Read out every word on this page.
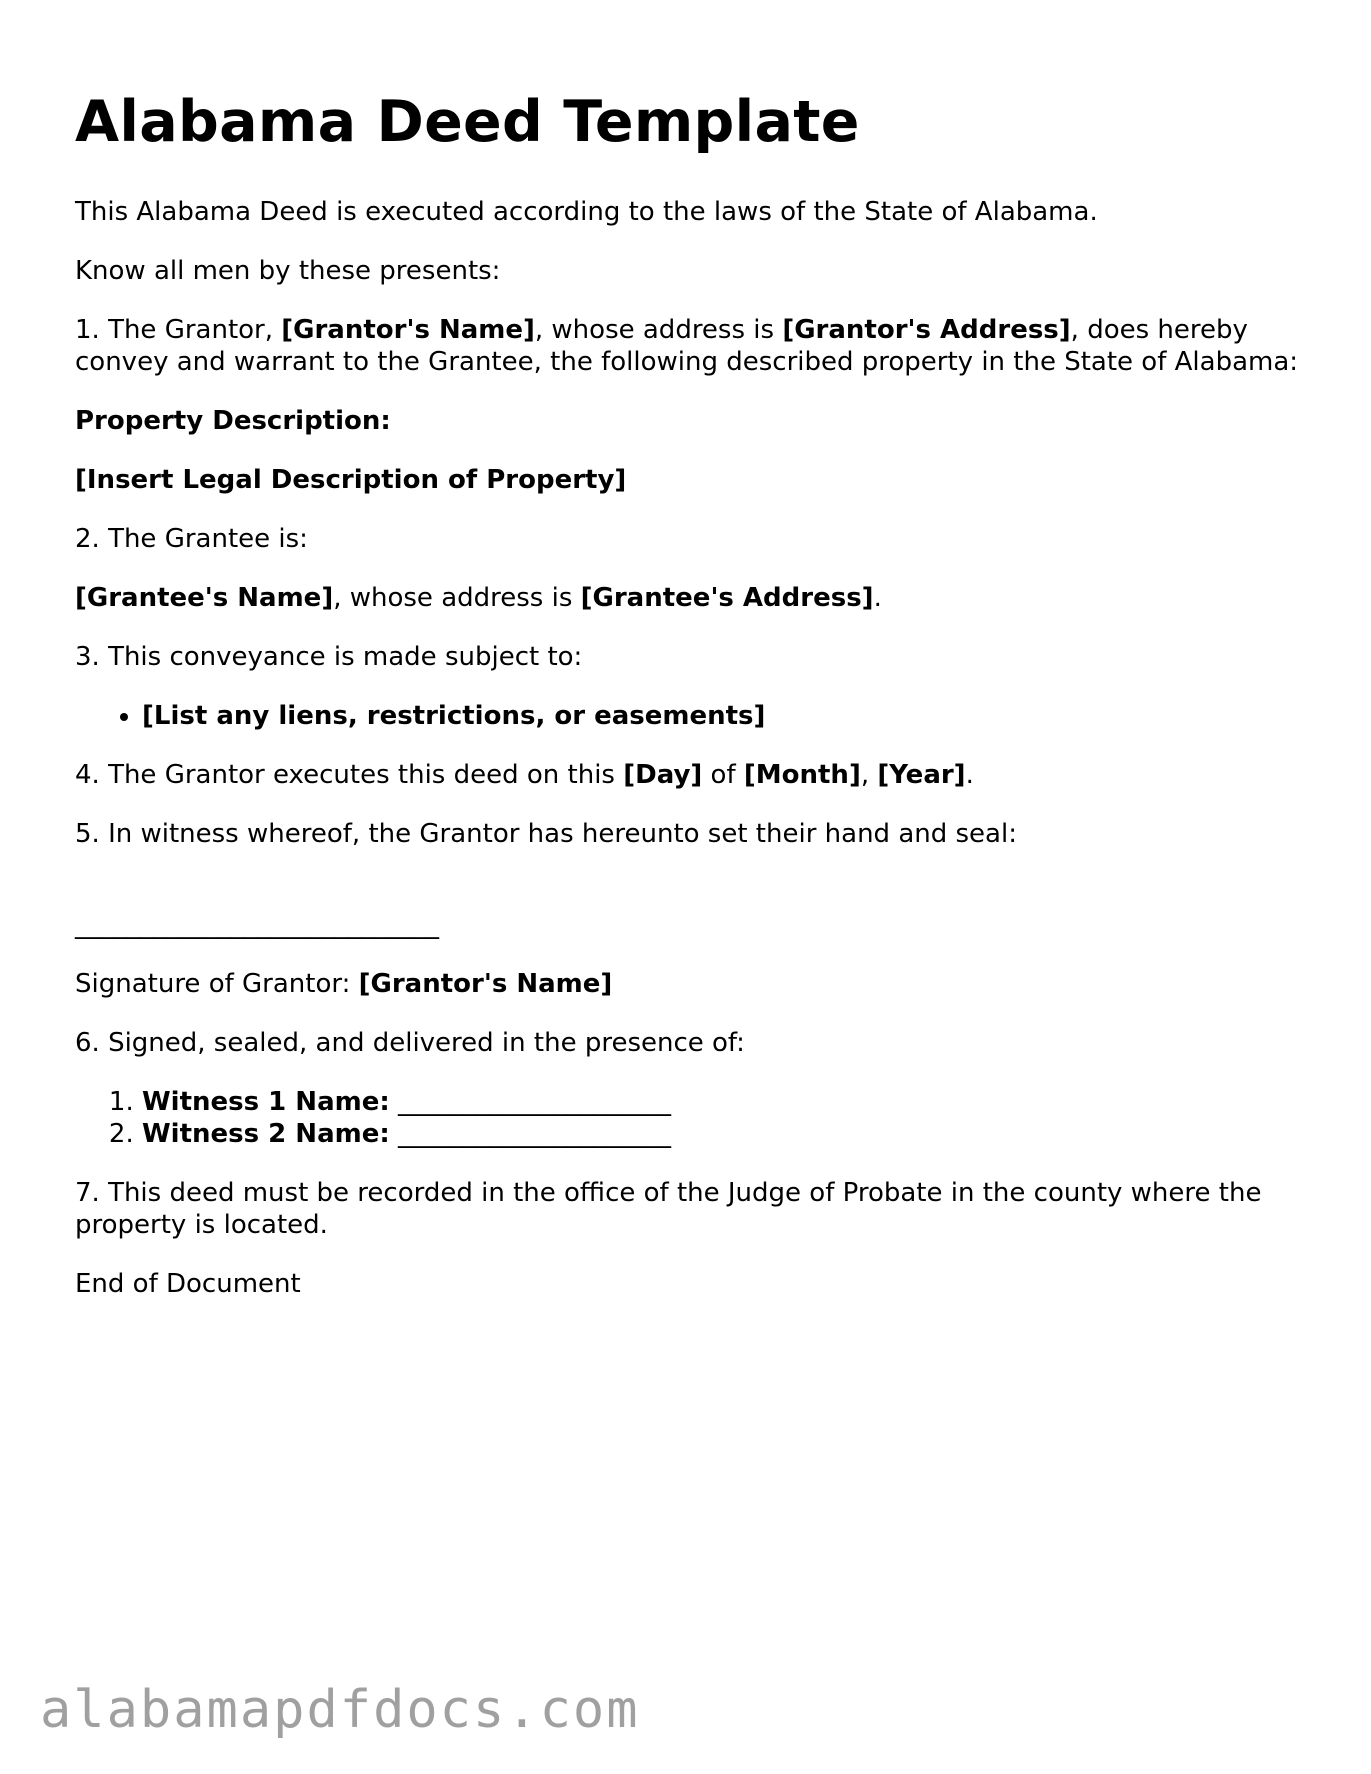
Alabama Deed Template

This Alabama Deed is executed according to the laws of the State of Alabama.

Know all men by these presents:

1. The Grantor, [Grantor's Name], whose address is [Grantor's Address], does hereby convey and warrant to the Grantee, the following described property in the State of Alabama:

Property Description:

[Insert Legal Description of Property]

2. The Grantee is:

[Grantee's Name], whose address is [Grantee's Address].

3. This conveyance is made subject to:

• [List any liens, restrictions, or easements]

4. The Grantor executes this deed on this [Day] of [Month], [Year].

5. In witness whereof, the Grantor has hereunto set their hand and seal:

____________________________

Signature of Grantor: [Grantor's Name]

6. Signed, sealed, and delivered in the presence of:

1. Witness 1 Name: _____________________
2. Witness 2 Name: _____________________

7. This deed must be recorded in the office of the Judge of Probate in the county where the property is located.

End of Document

alabamapdfdocs.com
